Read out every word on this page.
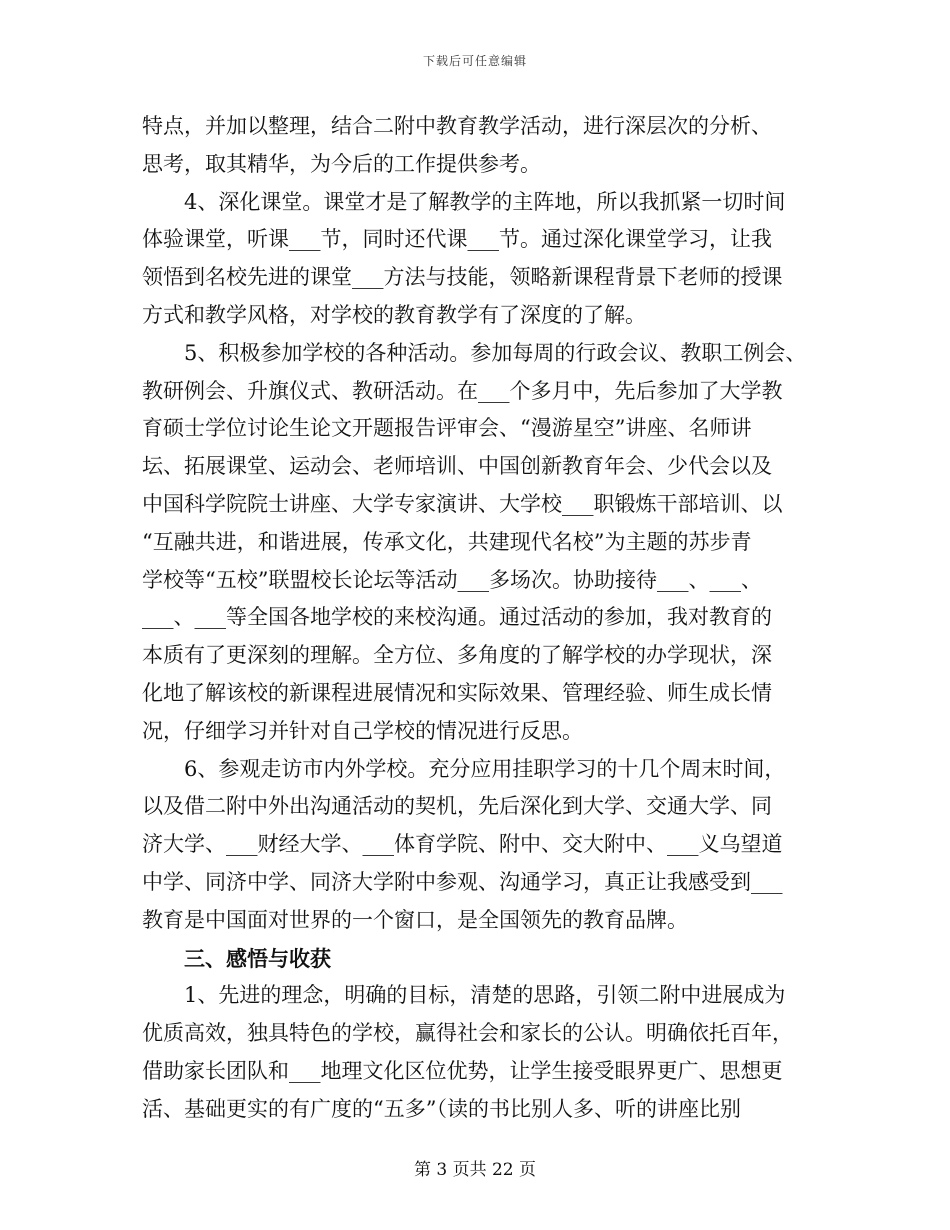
下载后可任意编辑
特点，并加以整理，结合二附中教育教学活动，进行深层次的分析、
思考，取其精华，为今后的工作提供参考。
4、深化课堂。课堂才是了解教学的主阵地，所以我抓紧一切时间
体验课堂，听课___节，同时还代课___节。通过深化课堂学习，让我
领悟到名校先进的课堂___方法与技能，领略新课程背景下老师的授课
方式和教学风格，对学校的教育教学有了深度的了解。
5、积极参加学校的各种活动。参加每周的行政会议、教职工例会、
教研例会、升旗仪式、教研活动。在___个多月中，先后参加了大学教
育硕士学位讨论生论文开题报告评审会、“漫游星空”讲座、名师讲
坛、拓展课堂、运动会、老师培训、中国创新教育年会、少代会以及
中国科学院院士讲座、大学专家演讲、大学校___职锻炼干部培训、以
“互融共进，和谐进展，传承文化，共建现代名校”为主题的苏步青
学校等“五校”联盟校长论坛等活动___多场次。协助接待___、___、
___、___等全国各地学校的来校沟通。通过活动的参加，我对教育的
本质有了更深刻的理解。全方位、多角度的了解学校的办学现状，深
化地了解该校的新课程进展情况和实际效果、管理经验、师生成长情
况，仔细学习并针对自己学校的情况进行反思。
6、参观走访市内外学校。充分应用挂职学习的十几个周末时间，
以及借二附中外出沟通活动的契机，先后深化到大学、交通大学、同
济大学、___财经大学、___体育学院、附中、交大附中、___义乌望道
中学、同济中学、同济大学附中参观、沟通学习，真正让我感受到___
教育是中国面对世界的一个窗口，是全国领先的教育品牌。
三、感悟与收获
1、先进的理念，明确的目标，清楚的思路，引领二附中进展成为
优质高效，独具特色的学校，赢得社会和家长的公认。明确依托百年，
借助家长团队和___地理文化区位优势，让学生接受眼界更广、思想更
活、基础更实的有广度的“五多”（读的书比别人多、听的讲座比别
第 3 页共 22 页
